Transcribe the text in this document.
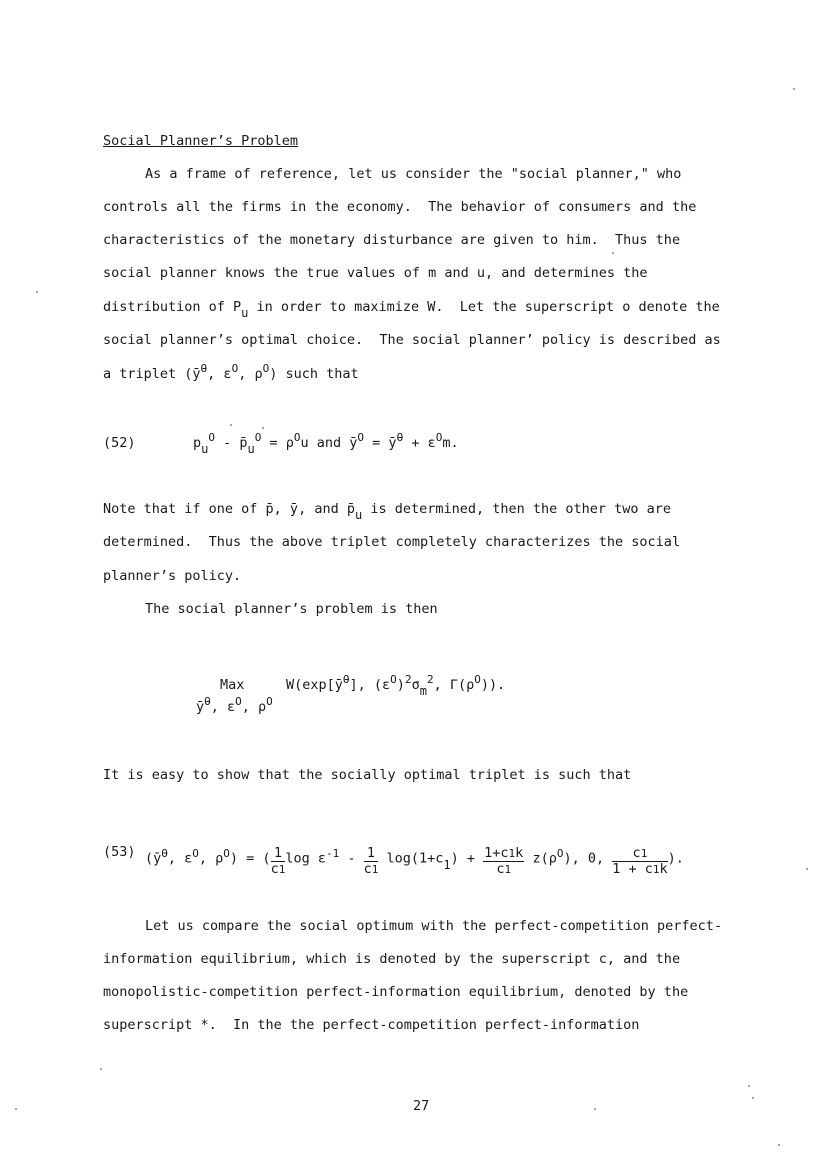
Social Planner’s Problem
As a frame of reference, let us consider the "social planner," who
controls all the firms in the economy.  The behavior of consumers and the
characteristics of the monetary disturbance are given to him.  Thus the
social planner knows the true values of m and u, and determines the
distribution of Pu in order to maximize W.  Let the superscript o denote the
social planner’s optimal choice.  The social planner’ policy is described as
a triplet (ȳ̄$^O$, $\varepsilon^O$, $\rho^O$) such that
(52)	$pu^O$ - $p̄u^O = \rho^Ou$ and $ȳ^O$ = ȳ̄$^O$ + $\varepsilon^Om$.
Note that if one of p̄, ȳ, and p̄u is determined, then the other two are
determined.  Thus the above triplet completely characterizes the social
planner’s policy.
The social planner’s problem is then
Max
ȳ̄$^O$, $\varepsilon^O$, $\rho^O$
W(exp[ȳ̄$^O$], $(\varepsilon^O)^2\sigma m^2$, $\Gamma(\rho^O)$).
It is easy to show that the socially optimal triplet is such that
(53) (ȳ̄$^O$, $\varepsilon^O$, $\rho^O$) = ( $\frac{1}{c1}$ $\log \varepsilon^{-1} - \frac{1}{c1} \log(1+c1) + \frac{1+c1k}{c1} z(\rho^O)$, 0, $\frac{c1}{1 + c1k}$ ).
Let us compare the social optimum with the perfect-competition perfect-
information equilibrium, which is denoted by the superscript c, and the
monopolistic-competition perfect-information equilibrium, denoted by the
superscript *.  In the the perfect-competition perfect-information
27
